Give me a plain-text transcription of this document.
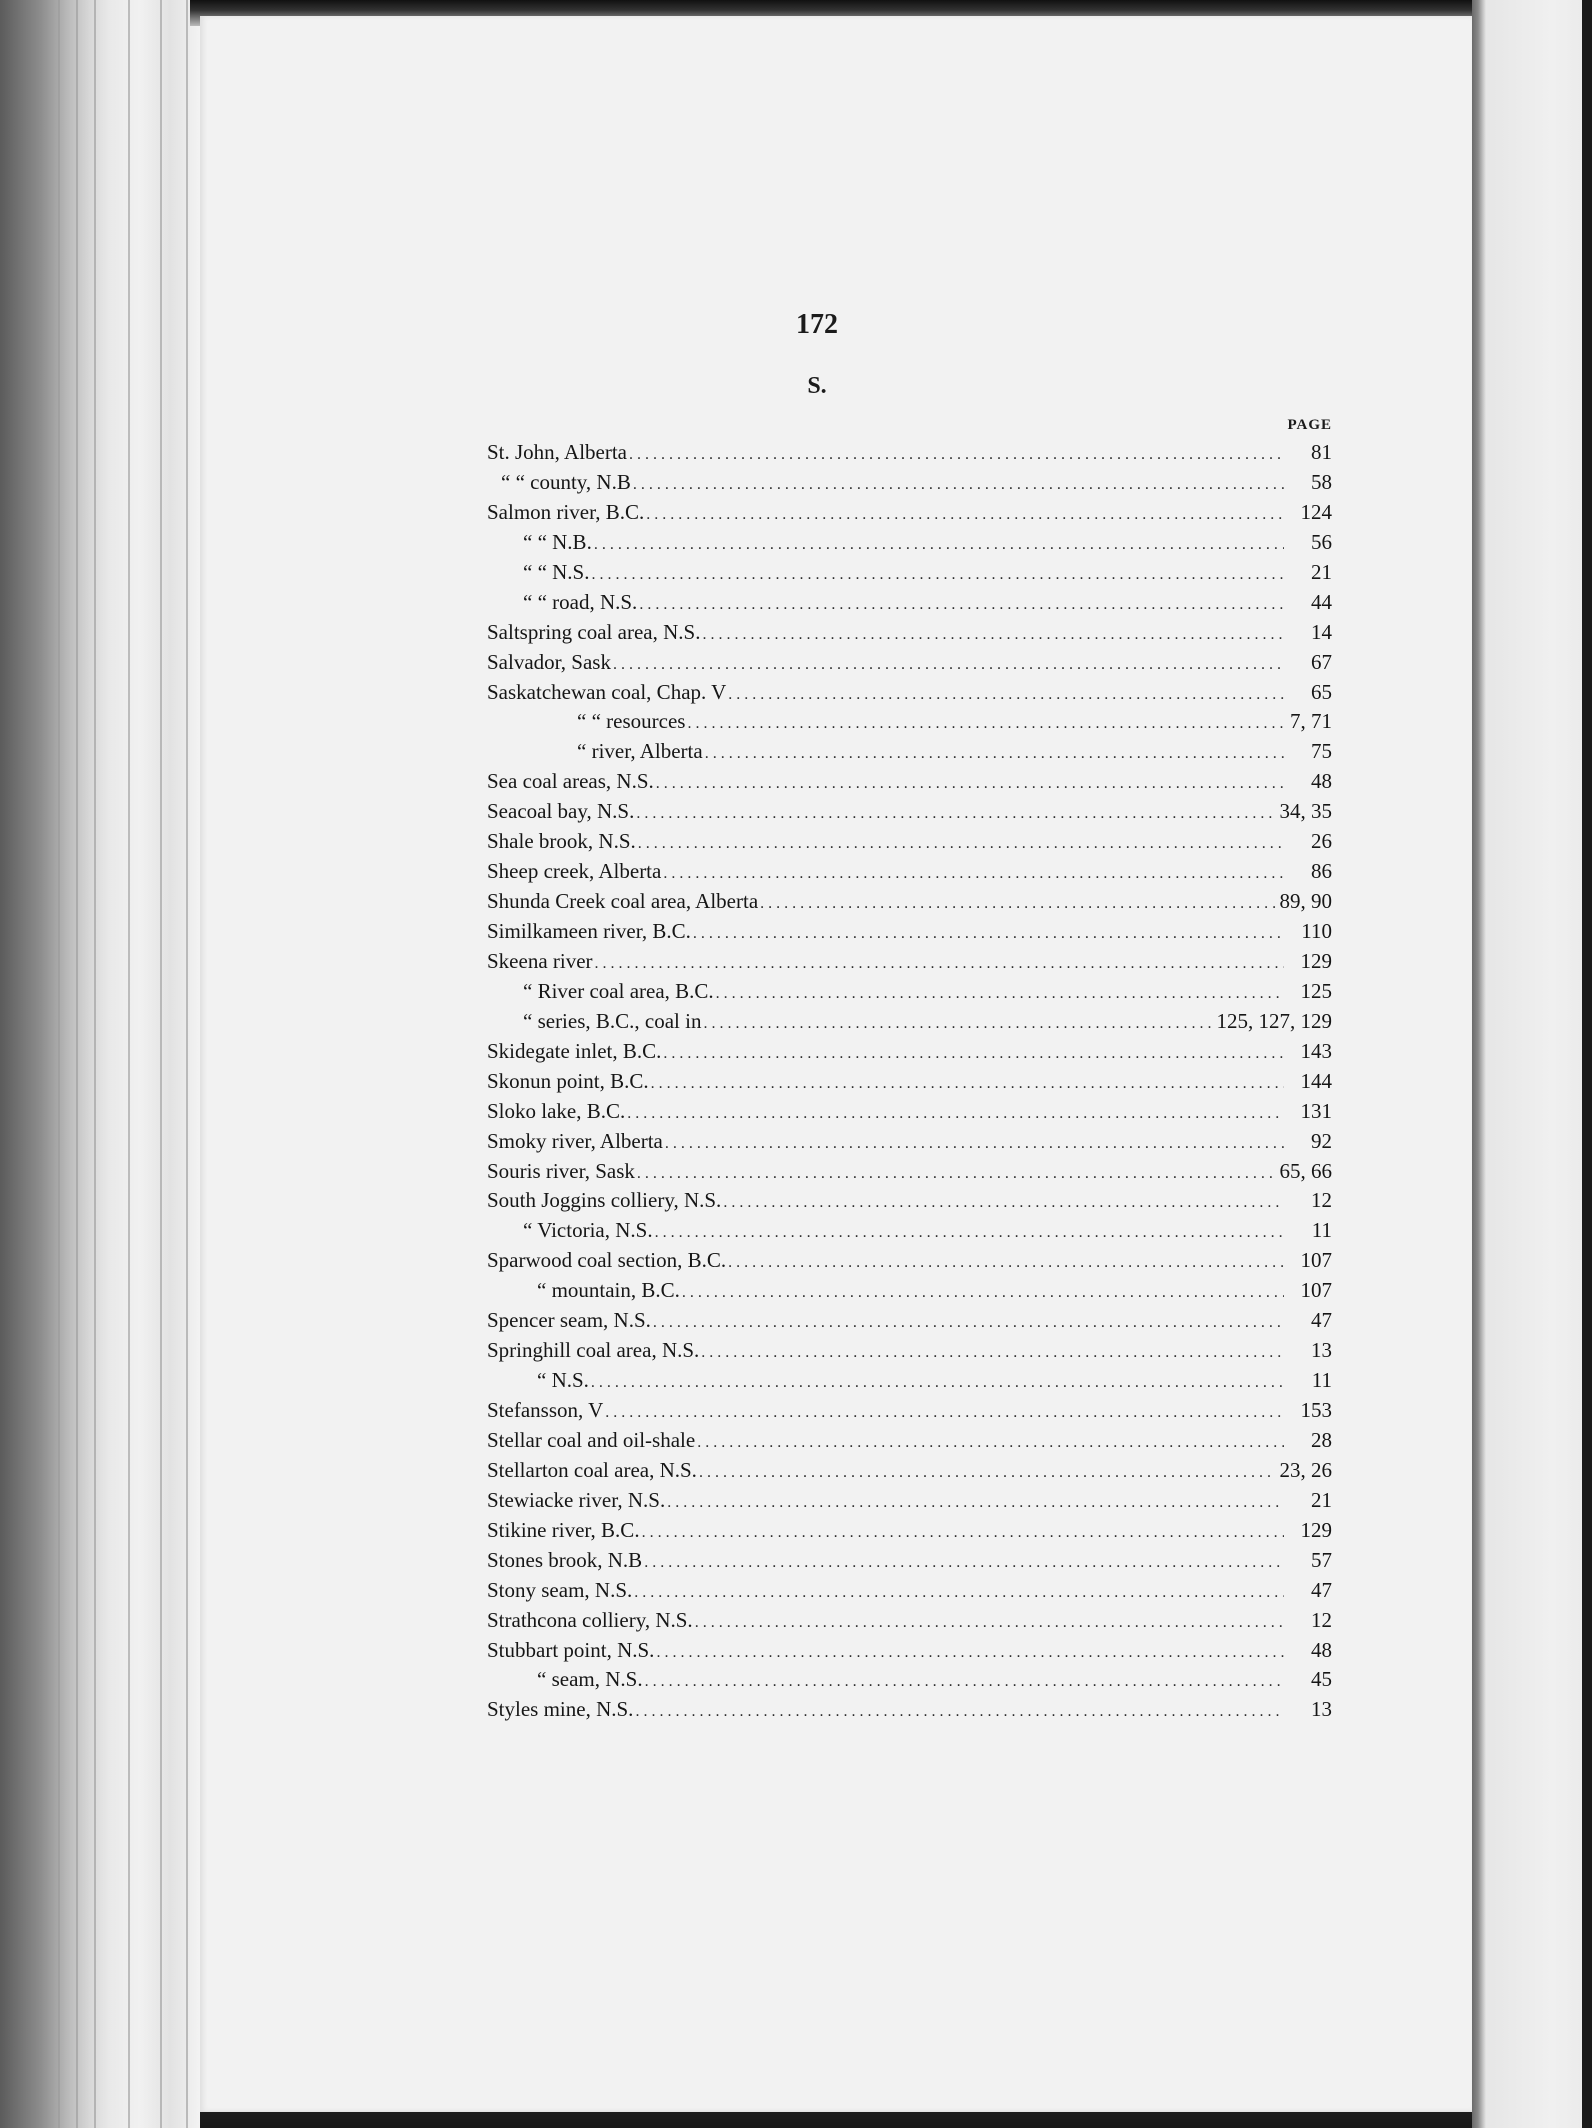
172
S.
PAGE
St. John, Alberta .....	81
“ “ county, N.B .....	58
Salmon river, B.C. .....	124
“ “ N.B. .....	56
“ “ N.S. .....	21
“ “ road, N.S. .....	44
Saltspring coal area, N.S. .....	14
Salvador, Sask .....	67
Saskatchewan coal, Chap. V .....	65
“ “ resources .....	7, 71
“ river, Alberta .....	75
Sea coal areas, N.S. .....	48
Seacoal bay, N.S. .....	34, 35
Shale brook, N.S. .....	26
Sheep creek, Alberta .....	86
Shunda Creek coal area, Alberta .....	89, 90
Similkameen river, B.C. .....	110
Skeena river .....	129
“ River coal area, B.C. .....	125
“ series, B.C., coal in .....	125, 127, 129
Skidegate inlet, B.C. .....	143
Skonun point, B.C. .....	144
Sloko lake, B.C. .....	131
Smoky river, Alberta .....	92
Souris river, Sask .....	65, 66
South Joggins colliery, N.S. .....	12
“ Victoria, N.S. .....	11
Sparwood coal section, B.C. .....	107
“ mountain, B.C. .....	107
Spencer seam, N.S. .....	47
Springhill coal area, N.S. .....	13
“ N.S. .....	11
Stefansson, V .....	153
Stellar coal and oil-shale .....	28
Stellarton coal area, N.S. .....	23, 26
Stewiacke river, N.S. .....	21
Stikine river, B.C. .....	129
Stones brook, N.B .....	57
Stony seam, N.S. .....	47
Strathcona colliery, N.S. .....	12
Stubbart point, N.S. .....	48
“ seam, N.S. .....	45
Styles mine, N.S. .....	13
